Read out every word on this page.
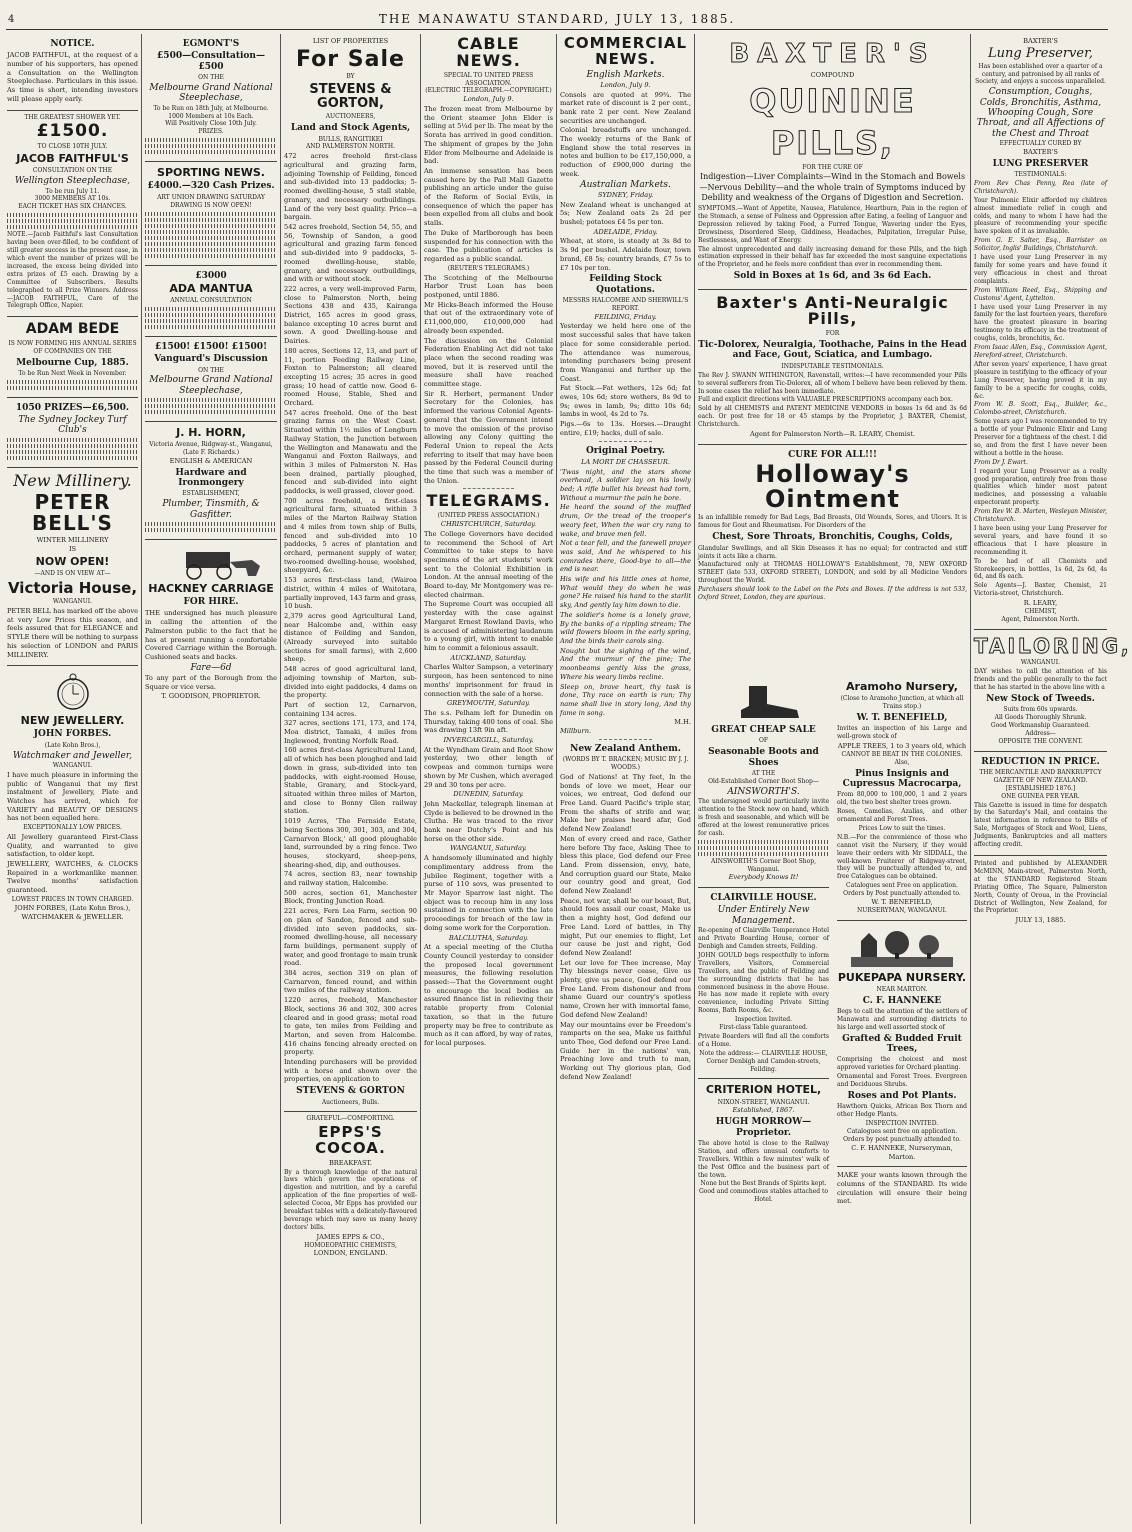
4	THE MANAWATU STANDARD, JULY 13, 1885.
NOTICE.

JACOB FAITHFUL, at the request of a number of his supporters, has opened a Consultation on the Wellington Steeplechase. Particulars in this issue. As time is short, intending investors will please apply early.

THE GREATEST SHOWER YET.
£1500.
TO CLOSE 10TH JULY.
JACOB FAITHFUL'S
CONSULTATION ON THE
Wellington Steeplechase,
To be run July 11.
3000 MEMBERS AT 10s.
EACH TICKET HAS SIX CHANCES.

NOTE.—Jacob Faithful's last Consultation having been over-filled, to be confident of still greater success in the present case, in which event the number of prizes will be increased, the excess being divided into extra prizes of £5 each. Drawing by a Committee of Subscribers. Results telegraphed to all Prize Winners. Address—JACOB FAITHFUL, Care of the Telegraph Office, Napier.

ADAM BEDE
IS NOW FORMING HIS ANNUAL SERIES OF COMPANIES ON THE
Melbourne Cup, 1885.
To be Run Next Week in November.
1050 PRIZES—£6,500.
The Sydney Jockey Turf Club's
New Millinery.
PETER BELL'S
WINTER MILLINERY
IS
NOW OPEN!
—AND IS ON VIEW AT—
Victoria House,
WANGANUI.

PETER BELL has marked off the above at very Low Prices this season, and feels assured that for ELEGANCE and STYLE there will be nothing to surpass his selection of LONDON and PARIS MILLINERY.

NEW JEWELLERY.
JOHN FORBES.
(Late Kohn Bros.),
Watchmaker and Jeweller,
WANGANUI.

I have much pleasure in informing the public of Wanganui that my first instalment of Jewellery, Plate and Watches has arrived, which for VARIETY and BEAUTY OF DESIGNS has not been equalled here.

EXCEPTIONALLY LOW PRICES.

All Jewellery guaranteed First-Class Quality, and warranted to give satisfaction, to older kept.

JEWELLERY, WATCHES, & CLOCKS Repaired in a workmanlike manner. Twelve months' satisfaction guaranteed.

LOWEST PRICES IN TOWN CHARGED.
JOHN FORBES, (Late Kohn Bros.), WATCHMAKER & JEWELLER.
EGMONT'S
£500—Consultation—£500
ON THE
Melbourne Grand National Steeplechase,
To be Run on 18th July, at Melbourne.
1000 Members at 10s Each.
Will Positively Close 10th July.
PRIZES.
SPORTING NEWS.
£4000.—320 Cash Prizes.
ART UNION DRAWING SATURDAY DRAWING IS NOW OPEN!
£3000
ADA MANTUA
ANNUAL CONSULTATION
£1500! £1500! £1500!
Vanguard's Discussion
ON THE
Melbourne Grand National Steeplechase,
J. H. HORN,
Victoria Avenue, Ridgway-st., Wanganui, (Late F. Richards.)
ENGLISH & AMERICAN
Hardware and Ironmongery
ESTABLISHMENT,
Plumber, Tinsmith, & Gasfitter.
HACKNEY CARRIAGE
FOR HIRE.

THE undersigned has much pleasure in calling the attention of the Palmerston public to the fact that he has at present running a comfortable Covered Carriage within the Borough. Cushioned seats and backs.

Fare—6d

To any part of the Borough from the Square or vice versa.

T. GOODISON, PROPRIETOR.
LIST OF PROPERTIES
For Sale
BY
STEVENS & GORTON,
AUCTIONEERS,
Land and Stock Agents,
BULLS, RANGITIKEI
AND PALMERSTON NORTH.

472 acres freehold first-class agricultural and grazing farm, adjoining Township of Feilding, fenced and sub-divided into 13 paddocks; 5-roomed dwelling-house, 5 stall stable, granary, and necessary outbuildings. Land of the very best quality. Price—a bargain.

542 acres freehold, Section 54, 55, and 56, Township of Sandon, a good agricultural and grazing farm fenced and sub-divided into 9 paddocks, 5-roomed dwelling-house, stable, granary, and necessary outbuildings, and with or without stock.

222 acres, a very well-improved Farm, close to Palmerston North, being Sections 438 and 435, Kairanga District, 165 acres in good grass, balance excepting 10 acres burnt and sown. A good Dwelling-house and Dairies.

180 acres, Sections 12, 13, and part of 11, portion Feeding Railway Line, Foxton to Palmerston; all cleared excepting 15 acres; 35 acres in good grass; 10 head of cattle now. Good 6-roomed House, Stable, Shed and Orchard.

547 acres freehold. One of the best grazing farms on the West Coast. Situated within 1½ miles of Longburn Railway Station, the Junction between the Wellington and Manawatu and the Wanganui and Foxton Railways, and within 3 miles of Palmerston N. Has been drained, partially ploughed, fenced and sub-divided into eight paddocks, is well grassed, clover good.

700 acres freehold, a first-class agricultural farm, situated within 3 miles of the Marton Railway Station and 4 miles from town ship of Bulls, fenced and sub-divided into 10 paddocks, 5 acres of plantation and orchard, permanent supply of water, two-roomed dwelling-house, woolshed, sheepyard, &c.

153 acres first-class land, (Wairoa district, within 4 miles of Waitotara, partially improved, 143 farm and grass, 10 bush.

2,379 acres good Agricultural Land, near Halcombe and, within easy distance of Feilding and Sandon, (Already surveyed into suitable sections for small farms), with 2,600 sheep.

548 acres of good agricultural land, adjoining township of Marton, sub-divided into eight paddocks, 4 dams on the property.

Part of section 12, Carnarvon, containing 134 acres.

327 acres, sections 171, 173, and 174, Moa district, Tamaki, 4 miles from Inglewood, fronting Norfolk Road.

160 acres first-class Agricultural Land, all of which has been ploughed and laid down in grass, sub-divided into ten paddocks, with eight-roomed House, Stable, Granary, and Stock-yard, situated within three miles of Marton, and close to Bonny Glen railway station.

1019 Acres, 'The Fernside Estate, being Sections 300, 301, 303, and 304, Carnarvon Block,' all good ploughable land, surrounded by a ring fence. Two houses, stockyard, sheep-pens, shearing-shed, dip, and outhouses.

74 acres, section 83, near township and railway station, Halcombe.

500 acres, section 61, Manchester Block, fronting Junction Road.

221 acres, Fern Lea Farm, section 90 on plan of Sandon, fenced and sub-divided into seven paddocks, six-roomed dwelling-house, all necessary farm buildings, permanent supply of water, and good frontage to main trunk road.

384 acres, section 319 on plan of Carnarvon, fenced round, and within two miles of the railway station.

1220 acres, freehold, Manchester Block, sections 36 and 302, 300 acres cleared and in good grass; metal road to gate, ten miles from Feilding and Marton, and seven from Halcombe. 416 chains fencing already erected on property.

Intending purchasers will be provided with a horse and shown over the properties, on application to

STEVENS & GORTON
Auctioneers, Bulls.
GRATEFUL—COMFORTING.
EPPS'S COCOA.
BREAKFAST.

By a thorough knowledge of the natural laws which govern the operations of digestion and nutrition, and by a careful application of the fine properties of well-selected Cocoa, Mr Epps has provided our breakfast tables with a delicately-flavoured beverage which may save us many heavy doctors' bills.

JAMES EPPS & CO.,
HOMOEOPATHIC CHEMISTS,
LONDON, ENGLAND.
CABLE NEWS.
SPECIAL TO UNITED PRESS ASSOCIATION.
(ELECTRIC TELEGRAPH.—COPYRIGHT.)
London, July 9.

The frozen meat from Melbourne by the Orient steamer John Elder is selling at 5¼d per lb. The meat by the Sorata has arrived in good condition. The shipment of grapes by the John Elder from Melbourne and Adelaide is bad.

An immense sensation has been caused here by the Pall Mall Gazette publishing an article under the guise of the Reform of Social Evils, in consequence of which the paper has been expelled from all clubs and book stalls.

The Duke of Marlborough has been suspended for his connection with the case. The publication of articles is regarded as a public scandal.

(REUTER'S TELEGRAMS.)

The Scotching of the Melbourne Harbor Trust Loan has been postponed, until 1886.

Mr Hicks-Beach informed the House that out of the extraordinary vote of £11,000,000, £10,000,000 had already been expended.

The discussion on the Colonial Federation Enabling Act did not take place when the second reading was moved, but it is reserved until the measure shall have reached committee stage.

Sir R. Herbert, permanent Under Secretary for the Colonies, has informed the various Colonial Agents-general that the Government intend to move the omission of the proviso allowing any Colony quitting the Federal Union to repeal the Acts referring to itself that may have been passed by the Federal Council during the time that such was a member of the Union.

TELEGRAMS.
(UNITED PRESS ASSOCIATION.)
CHRISTCHURCH, Saturday.

The College Governors have decided to recommend the School of Art Committee to take steps to have specimens of the art students' work sent to the Colonial Exhibition in London. At the annual meeting of the Board to-day, Mr Montgomery was re-elected chairman.

The Supreme Court was occupied all yesterday with the case against Margaret Ernest Rowland Davis, who is accused of administering laudanum to a young girl, with intent to enable him to commit a felonious assault.

AUCKLAND, Saturday.

Charles Walter Sampson, a veterinary surgeon, has been sentenced to nine months' imprisonment for fraud in connection with the sale of a horse.

GREYMOUTH, Saturday.

The s.s. Pelham left for Dunedin on Thursday, taking 400 tons of coal. She was drawing 13ft 9in aft.

INVERCARGILL, Saturday.

At the Wyndham Grain and Root Show yesterday, two other length of cowpeas and common turnips were shown by Mr Cushen, which averaged 29 and 30 tons per acre.

DUNEDIN, Saturday.

John Mackellar, telegraph lineman at Clyde is believed to be drowned in the Clutha. He was traced to the river bank near Dutchy's Point and his horse on the other side.

WANGANUI, Saturday.

A handsomely illuminated and highly complimentary address from the Jubilee Regiment, together with a purse of 110 sovs, was presented to Mr Mayor Sparrow last night. The object was to recoup him in any loss sustained in connection with the late proceedings for breach of the law in doing some work for the Corporation.

BALCLUTHA, Saturday.

At a special meeting of the Clutha County Council yesterday to consider the proposed local government measures, the following resolution passed:—That the Government ought to encourage the local bodies an assured finance list in relieving their ratable property from Colonial taxation, so that in the future property may be free to contribute as much as it can afford, by way of rates, for local purposes.

COMMERCIAL NEWS.
English Markets.
London, July 9.

Consols are quoted at 99¾. The market rate of discount is 2 per cent., bank rate 2 per cent. New Zealand securities are unchanged.

Colonial breadstuffs are unchanged. The weekly returns of the Bank of England show the total reserves in notes and bullion to be £17,150,000, a reduction of £900,000 during the week.

Australian Markets.
SYDNEY, Friday.

New Zealand wheat is unchanged at 5s; New Zealand oats 2s 2d per bushel; potatoes £4 5s per ton.

ADELAIDE, Friday.

Wheat, at store, is steady at 3s 8d to 3s 9d per bushel. Adelaide flour, town brand, £8 5s; country brands, £7 5s to £7 10s per ton.

Feilding Stock Quotations.
MESSRS HALCOMBE AND SHERWILL'S REPORT.
FEILDING, Friday.

Yesterday we held here one of the most successful sales that have taken place for some considerable period. The attendance was numerous, intending purchasers being present from Wanganui and further up the Coast.

Fat Stock.—Fat wethers, 12s 6d; fat ewes, 10s 6d; store wethers, 8s 9d to 9s; ewes in lamb, 9s; ditto 10s 6d; lambs in wool, 4s 2d to 7s.

Pigs.—6s to 13s. Horses.—Draught entire, £19; hacks, dull of sale.

Original Poetry.
LA MORT DE CHASSEUR.

'Twas night, and the stars shone overhead, A soldier lay on his lowly bed; A rifle bullet his breast had torn, Without a murmur the pain he bore.

He heard the sound of the muffled drum, Or the tread of the trooper's weary feet, When the war cry rang to wake, and brave men fell.

Not a tear fell, and the farewell prayer was said, And he whispered to his comrades there, Good-bye to all—the end is near.

His wife and his little ones at home, What would they do when he was gone? He raised his hand to the starlit sky, And gently lay him down to die.

The soldier's home is a lonely grave, By the banks of a rippling stream; The wild flowers bloom in the early spring, And the birds their carols sing.

Nought but the sighing of the wind, And the murmur of the pine; The moonbeams gently kiss the grass, Where his weary limbs recline.

Sleep on, brave heart, thy task is done, Thy race on earth is run; Thy name shall live in story long, And thy fame in song.

M.H.
Millburn.
New Zealand Anthem.
(WORDS BY T. BRACKEN; MUSIC BY J. J. WOODS.)

God of Nations! at Thy feet, In the bonds of love we meet, Hear our voices, we entreat, God defend our Free Land. Guard Pacific's triple star, From the shafts of strife and war, Make her praises heard afar, God defend New Zealand!

Men of every creed and race, Gather here before Thy face, Asking Thee to bless this place, God defend our Free Land. From dissension, envy, hate, And corruption guard our State, Make our country good and great, God defend New Zealand!

Peace, not war, shall be our boast, But, should foes assail our coast, Make us then a mighty host, God defend our Free Land. Lord of battles, in Thy might, Put our enemies to flight, Let our cause be just and right, God defend New Zealand!

Let our love for Thee increase, May Thy blessings never cease, Give us plenty, give us peace, God defend our Free Land. From dishonour and from shame Guard our country's spotless name, Crown her with immortal fame, God defend New Zealand!

May our mountains ever be Freedom's ramparts on the sea, Make us faithful unto Thee, God defend our Free Land. Guide her in the nations' van, Preaching love and truth to man, Working out Thy glorious plan, God defend New Zealand!

BAXTER'S
COMPOUND
QUININE PILLS,
FOR THE CURE OF
Indigestion—Liver Complaints—Wind in the Stomach and Bowels—Nervous Debility—and the whole train of Symptoms induced by Debility and weakness of the Organs of Digestion and Secretion.

SYMPTOMS.—Want of Appetite, Nausea, Flatulence, Heartburn, Pain in the region of the Stomach, a sense of Fulness and Oppression after Eating, a feeling of Languor and Depression relieved by taking Food, a Furred Tongue, Wavering under the Eyes, Drowsiness, Disordered Sleep, Giddiness, Headaches, Palpitation, Irregular Pulse, Restlessness, and Want of Energy.

The almost unprecedented and daily increasing demand for these Pills, and the high estimation expressed in their behalf has far exceeded the most sanguine expectations of the Proprietor, and he feels more confident than ever in recommending them.

Sold in Boxes at 1s 6d, and 3s 6d Each.
Baxter's Anti-Neuralgic Pills,
FOR
Tic-Dolorex, Neuralgia, Toothache, Pains in the Head and Face, Gout, Sciatica, and Lumbago.
INDISPUTABLE TESTIMONIALS.

The Rev J. SWANN WITHINGTON, Ravenstall, writes:—I have recommended your Pills to several sufferers from Tic-Dolorex, all of whom I believe have been relieved by them. In some cases the relief has been immediate.

Full and explicit directions with VALUABLE PRESCRIPTIONS accompany each box.

Sold by all CHEMISTS and PATENT MEDICINE VENDORS in boxes 1s 6d and 3s 6d each. Or post free for 18 or 45 stamps by the Proprietor, J. BAXTER, Chemist, Christchurch.

Agent for Palmerston North—R. LEARY, Chemist.
CURE FOR ALL!!!
Holloway's Ointment

Is an infallible remedy for Bad Legs, Bad Breasts, Old Wounds, Sores, and Ulcers. It is famous for Gout and Rheumatism. For Disorders of the

Chest, Sore Throats, Bronchitis, Coughs, Colds,

Glandular Swellings, and all Skin Diseases it has no equal; for contracted and stiff joints it acts like a charm.

Manufactured only at THOMAS HOLLOWAY'S Establishment, 78, NEW OXFORD STREET (late 533, OXFORD STREET), LONDON, and sold by all Medicine Vendors throughout the World.

Purchasers should look to the Label on the Pots and Boxes. If the address is not 533, Oxford Street, London, they are spurious.

GREAT CHEAP SALE
OF
Seasonable Boots and Shoes
AT THE
Old-Established Corner Boot Shop—
AINSWORTH'S.

The undersigned would particularly invite attention to the Stock now on hand, which is fresh and seasonable, and which will be offered at the lowest remunerative prices for cash.

AINSWORTH'S Corner Boot Shop, Wanganui.
Everybody Knows It!
CLAIRVILLE HOUSE.
Under Entirely New Management.

Re-opening of Clairville Temperance Hotel and Private Boarding House, corner of Denbigh and Camden streets, Feilding.

JOHN GOULD begs respectfully to inform Travellers, Visitors, Commercial Travellers, and the public of Feilding and the surrounding districts that he has commenced business in the above House. He has now made it replete with every convenience, including Private Sitting Rooms, Bath Rooms, &c.

Inspection Invited.
First-class Table guaranteed.

Private Boarders will find all the comforts of a Home.

Note the address:— CLAIRVILLE HOUSE, Corner Denbigh and Camden-streets, Feilding.
CRITERION HOTEL,
NIXON-STREET, WANGANUI.
Established, 1867.
HUGH MORROW—Proprietor.

The above hotel is close to the Railway Station, and offers unusual comforts to Travellers. Within a few minutes' walk of the Post Office and the business part of the town.

None but the Best Brands of Spirits kept.
Good and commodious stables attached to Hotel.
Aramoho Nursery,
(Close to Aramoho Junction, at which all Trains stop.)
W. T. BENEFIELD,

Invites an inspection of his Large and well-grown stock of

APPLE TREES, 1 to 3 years old, which
CANNOT BE BEAT IN THE COLONIES.
Also,
Pinus Insignis and Cupressus Macrocarpa,

From 80,000 to 100,000, 1 and 2 years old, the two best shelter trees grown.

Roses, Camelias, Azalias, and other ornamental and Forest Trees.

Prices Low to suit the times.

N.B.—For the convenience of those who cannot visit the Nursery, if they would leave their orders with Mr SIDDALL, the well-known Fruiterer of Ridgway-street, they will be punctually attended to, and free Catalogues can be obtained.

Catalogues sent Free on application.
Orders by Post punctually attended to.
W. T. BENEFIELD,
NURSERYMAN, WANGANUI.
PUKEPAPA NURSERY.
NEAR MARTON.
C. F. HANNEKE

Begs to call the attention of the settlers of Manawatu and surrounding districts to his large and well assorted stock of

Grafted & Budded Fruit Trees,

Comprising the choicest and most approved varieties for Orchard planting.

Ornamental and Forest Trees. Evergreen and Deciduous Shrubs.

Roses and Pot Plants.

Hawthorn Quicks, African Box Thorn and other Hedge Plants.

INSPECTION INVITED.
Catalogues sent free on application.
Orders by post punctually attended to.
C. F. HANNEKE, Nurseryman, Marton.

MAKE your wants known through the columns of the STANDARD. Its wide circulation will ensure their being met.

BAXTER'S
Lung Preserver,

Has been established over a quarter of a century, and patronised by all ranks of Society, and enjoys a success unparalleled.

Consumption, Coughs, Colds, Bronchitis, Asthma, Whooping Cough, Sore Throat, and all Affections of the Chest and Throat
EFFECTUALLY CURED BY
BAXTER'S
LUNG PRESERVER
TESTIMONIALS:

From Rev Chas Penny, Rea (late of Christchurch).

Your Pulmonic Elixir afforded my children almost immediate relief in cough and colds, and many to whom I have had the pleasure of recommending your specific have spoken of it as invaluable.

From G. E. Salter, Esq., Barrister on Solicitor, Inglis' Buildings, Christchurch.

I have used your Lung Preserver in my family for some years and have found it very efficacious in chest and throat complaints.

From William Reed, Esq., Shipping and Customs' Agent, Lyttelton.

I have used your Lung Preserver in my family for the last fourteen years, therefore have the greatest pleasure in bearing testimony to its efficacy in the treatment of coughs, colds, bronchitis, &c.

From Isaac Allen, Esq., Commission Agent, Hereford-street, Christchurch.

After seven years' experience, I have great pleasure in testifying to the efficacy of your Lung Preserver, having proved it in my family to be a specific for coughs, colds, &c.

From W. B. Scott, Esq., Builder, &c., Colombo-street, Christchurch.

Some years ago I was recommended to try a bottle of your Pulmonic Elixir and Lung Preserver for a tightness of the chest. I did so, and from the first I have never been without a bottle in the house.

From Dr J. Ewart.

I regard your Lung Preserver as a really good preparation, entirely free from those qualities which hinder most patent medicines, and possessing a valuable expectorant property.

From Rev W. B. Marten, Wesleyan Minister, Christchurch.

I have been using your Lung Preserver for several years, and have found it so efficacious that I have pleasure in recommending it.

To be had of all Chemists and Storekeepers, in bottles, 1s 6d, 2s 6d, 4s 6d, and 8s each.

Sole Agents—J. Baxter, Chemist, 21 Victoria-street, Christchurch.

R. LEARY,
CHEMIST,
Agent, Palmerston North.
TAILORING,
WANGANUI.

DAY wishes to call the attention of his friends and the public generally to the fact that he has started in the above line with a

New Stock of Tweeds.
Suits from 60s upwards.
All Goods Thoroughly Shrunk.
Good Workmanship Guaranteed.
Address—
OPPOSITE THE CONVENT.
REDUCTION IN PRICE.
THE MERCANTILE AND BANKRUPTCY GAZETTE OF NEW ZEALAND.
[ESTABLISHED 1876.]
ONE GUINEA PER YEAR.

This Gazette is issued in time for despatch by the Saturday's Mail, and contains the latest information in reference to Bills of Sale, Mortgages of Stock and Wool, Liens, Judgments, Bankruptcies and all matters affecting credit.

Printed and published by ALEXANDER McMINN, Main-street, Palmerston North, at the STANDARD Registered Steam Printing Office, The Square, Palmerston North, County of Oroua, in the Provincial District of Wellington, New Zealand, for the Proprietor.

JULY 13, 1885.
